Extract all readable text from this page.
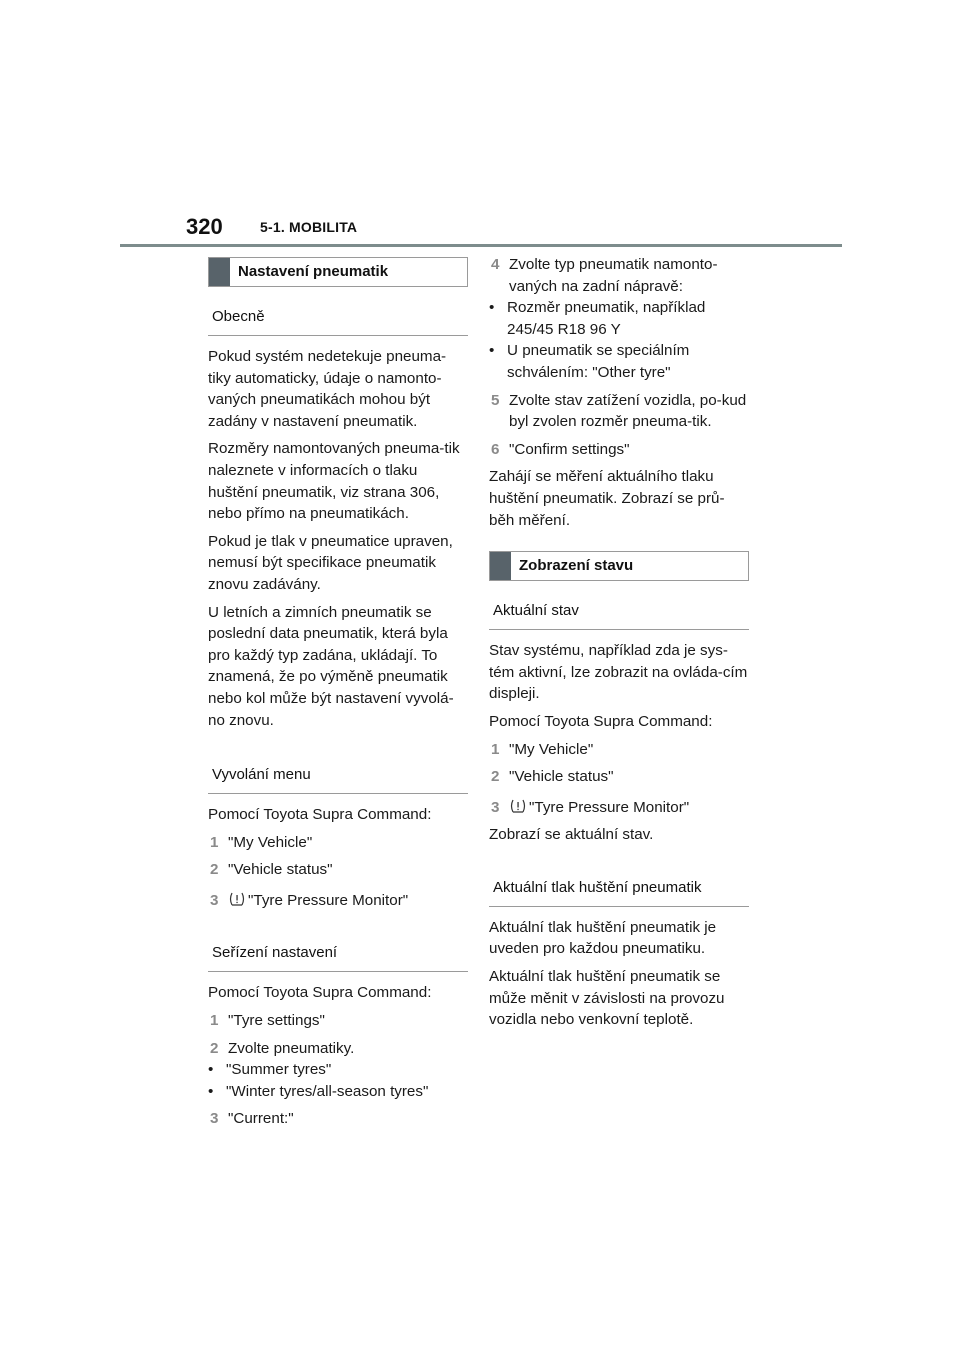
320	5-1. MOBILITA
Nastavení pneumatik
Obecně

Pokud systém nedetekuje pneuma-tiky automaticky, údaje o namonto-vaných pneumatikách mohou být zadány v nastavení pneumatik.

Rozměry namontovaných pneuma-tik naleznete v informacích o tlaku huštění pneumatik, viz strana 306, nebo přímo na pneumatikách.

Pokud je tlak v pneumatice upraven, nemusí být specifikace pneumatik znovu zadávány.

U letních a zimních pneumatik se poslední data pneumatik, která byla pro každý typ zadána, ukládají. To znamená, že po výměně pneumatik nebo kol může být nastavení vyvolá-no znovu.

Vyvolání menu

Pomocí Toyota Supra Command:

1 "My Vehicle"
2 "Vehicle status"
3	"Tyre Pressure Monitor"
Seřízení nastavení

Pomocí Toyota Supra Command:

1 "Tyre settings"
2 Zvolte pneumatiky.
• "Summer tyres"
• "Winter tyres/all-season tyres"
3 "Current:"
4 Zvolte typ pneumatik namonto-vaných na zadní nápravě:
• Rozměr pneumatik, například 245/45 R18 96 Y
• U pneumatik se speciálním schválením: "Other tyre"
5 Zvolte stav zatížení vozidla, po-kud byl zvolen rozměr pneuma-tik.
6 "Confirm settings"

Zahájí se měření aktuálního tlaku huštění pneumatik. Zobrazí se prů-běh měření.

Zobrazení stavu
Aktuální stav

Stav systému, například zda je sys-tém aktivní, lze zobrazit na ovláda-cím displeji.

Pomocí Toyota Supra Command:

1 "My Vehicle"
2 "Vehicle status"
3	"Tyre Pressure Monitor"

Zobrazí se aktuální stav.

Aktuální tlak huštění pneumatik

Aktuální tlak huštění pneumatik je uveden pro každou pneumatiku.

Aktuální tlak huštění pneumatik se může měnit v závislosti na provozu vozidla nebo venkovní teplotě.
